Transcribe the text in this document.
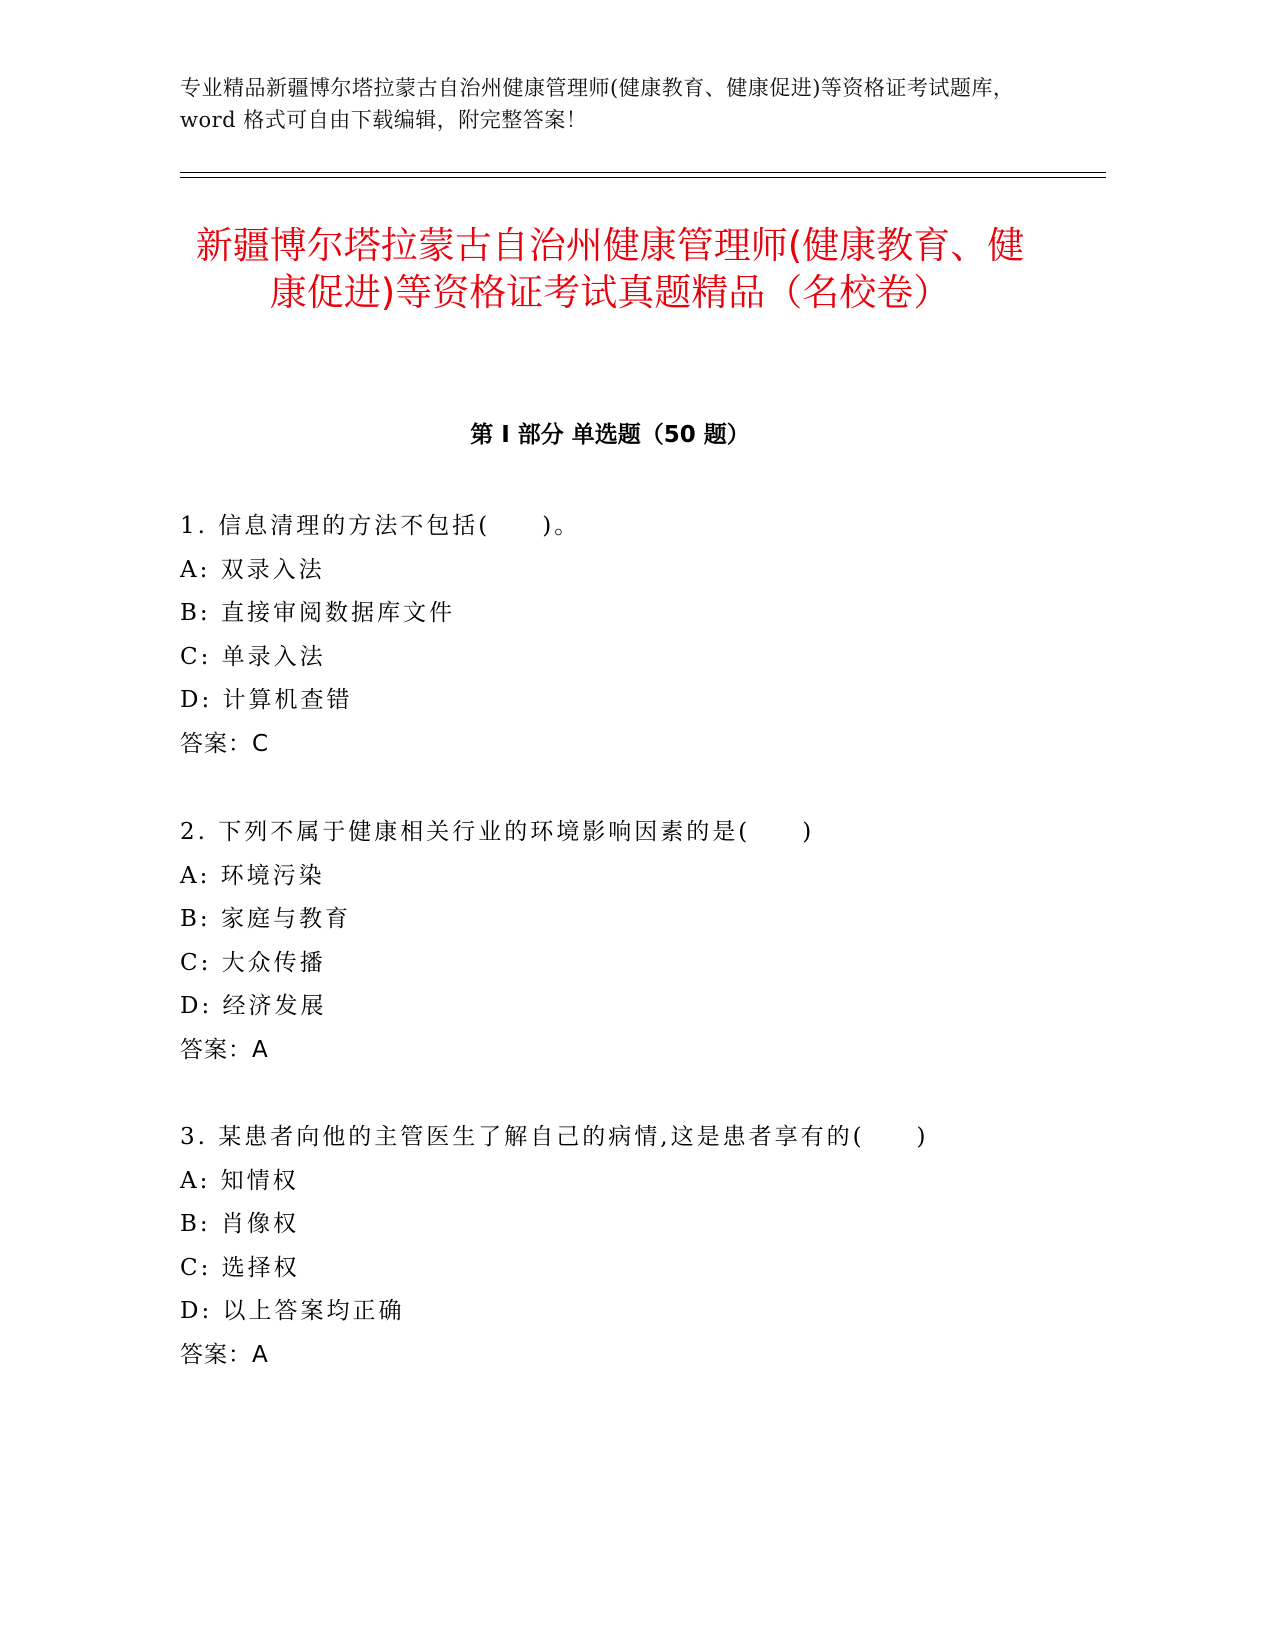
专业精品新疆博尔塔拉蒙古自治州健康管理师(健康教育、健康促进)等资格证考试题库，word 格式可自由下载编辑，附完整答案！
新疆博尔塔拉蒙古自治州健康管理师(健康教育、健康促进)等资格证考试真题精品（名校卷）
第 I 部分 单选题（50 题）
1. 信息清理的方法不包括(　　)。
A: 双录入法
B: 直接审阅数据库文件
C: 单录入法
D: 计算机查错
答案：C
2. 下列不属于健康相关行业的环境影响因素的是(　　)
A: 环境污染
B: 家庭与教育
C: 大众传播
D: 经济发展
答案：A
3. 某患者向他的主管医生了解自己的病情,这是患者享有的(　　)
A: 知情权
B: 肖像权
C: 选择权
D: 以上答案均正确
答案：A
